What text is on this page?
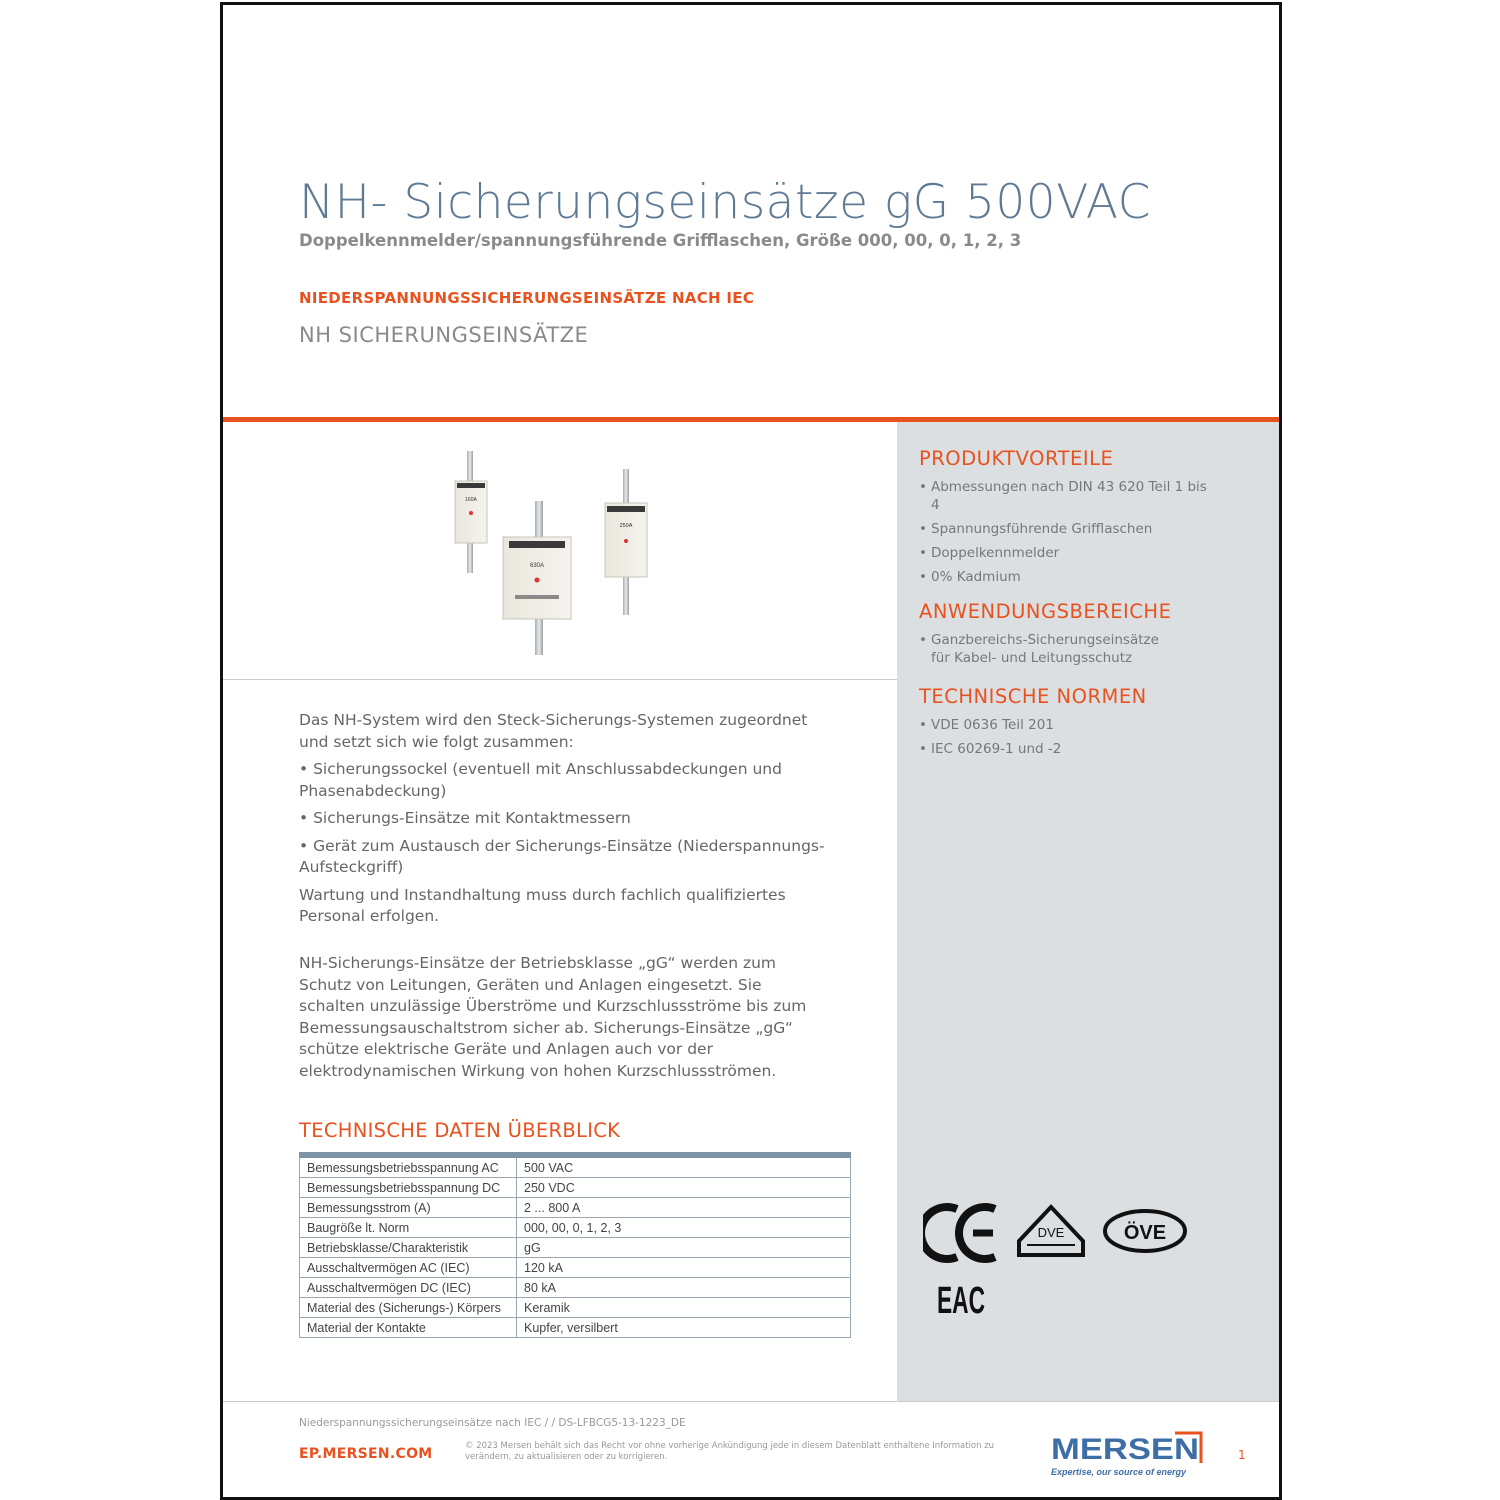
NH- Sicherungseinsätze gG 500VAC
Doppelkennmelder/spannungsführende Grifflaschen, Größe 000, 00, 0, 1, 2, 3
NIEDERSPANNUNGSSICHERUNGSEINSÄTZE NACH IEC
NH SICHERUNGSEINSÄTZE
160A
630A
250A
PRODUKTVORTEILE
• Abmessungen nach DIN 43 620 Teil 1 bis 4
• Spannungsführende Grifflaschen
• Doppelkennmelder
• 0% Kadmium
ANWENDUNGSBEREICHE
• Ganzbereichs-Sicherungseinsätze für Kabel- und Leitungsschutz
TECHNISCHE NORMEN
• VDE 0636 Teil 201
• IEC 60269-1 und -2
DVE	ÖVE
EAC

Das NH-System wird den Steck-Sicherungs-Systemen zugeordnet und setzt sich wie folgt zusammen:

• Sicherungssockel (eventuell mit Anschlussabdeckungen und Phasenabdeckung)

• Sicherungs-Einsätze mit Kontaktmessern

• Gerät zum Austausch der Sicherungs-Einsätze (Niederspannungs-Aufsteckgriff)

Wartung und Instandhaltung muss durch fachlich qualifiziertes Personal erfolgen.

NH-Sicherungs-Einsätze der Betriebsklasse „gG“ werden zum Schutz von Leitungen, Geräten und Anlagen eingesetzt. Sie schalten unzulässige Überströme und Kurzschlussströme bis zum Bemessungsauschaltstrom sicher ab. Sicherungs-Einsätze „gG“ schütze elektrische Geräte und Anlagen auch vor der elektrodynamischen Wirkung von hohen Kurzschlussströmen.

TECHNISCHE DATEN ÜBERBLICK
Bemessungsbetriebsspannung AC	500 VAC
Bemessungsbetriebsspannung DC	250 VDC
Bemessungsstrom (A)	2 ... 800 A
Baugröße lt. Norm	000, 00, 0, 1, 2, 3
Betriebsklasse/Charakteristik	gG
Ausschaltvermögen AC (IEC)	120 kA
Ausschaltvermögen DC (IEC)	80 kA
Material des (Sicherungs-) Körpers	Keramik
Material der Kontakte	Kupfer, versilbert
Niederspannungssicherungseinsätze nach IEC / / DS-LFBCG5-13-1223_DE
EP.MERSEN.COM	© 2023 Mersen behält sich das Recht vor ohne vorherige Ankündigung jede in diesem Datenblatt enthaltene Information zu verändern, zu aktualisieren oder zu korrigieren.	MERSEN
Expertise, our source of energy
1
